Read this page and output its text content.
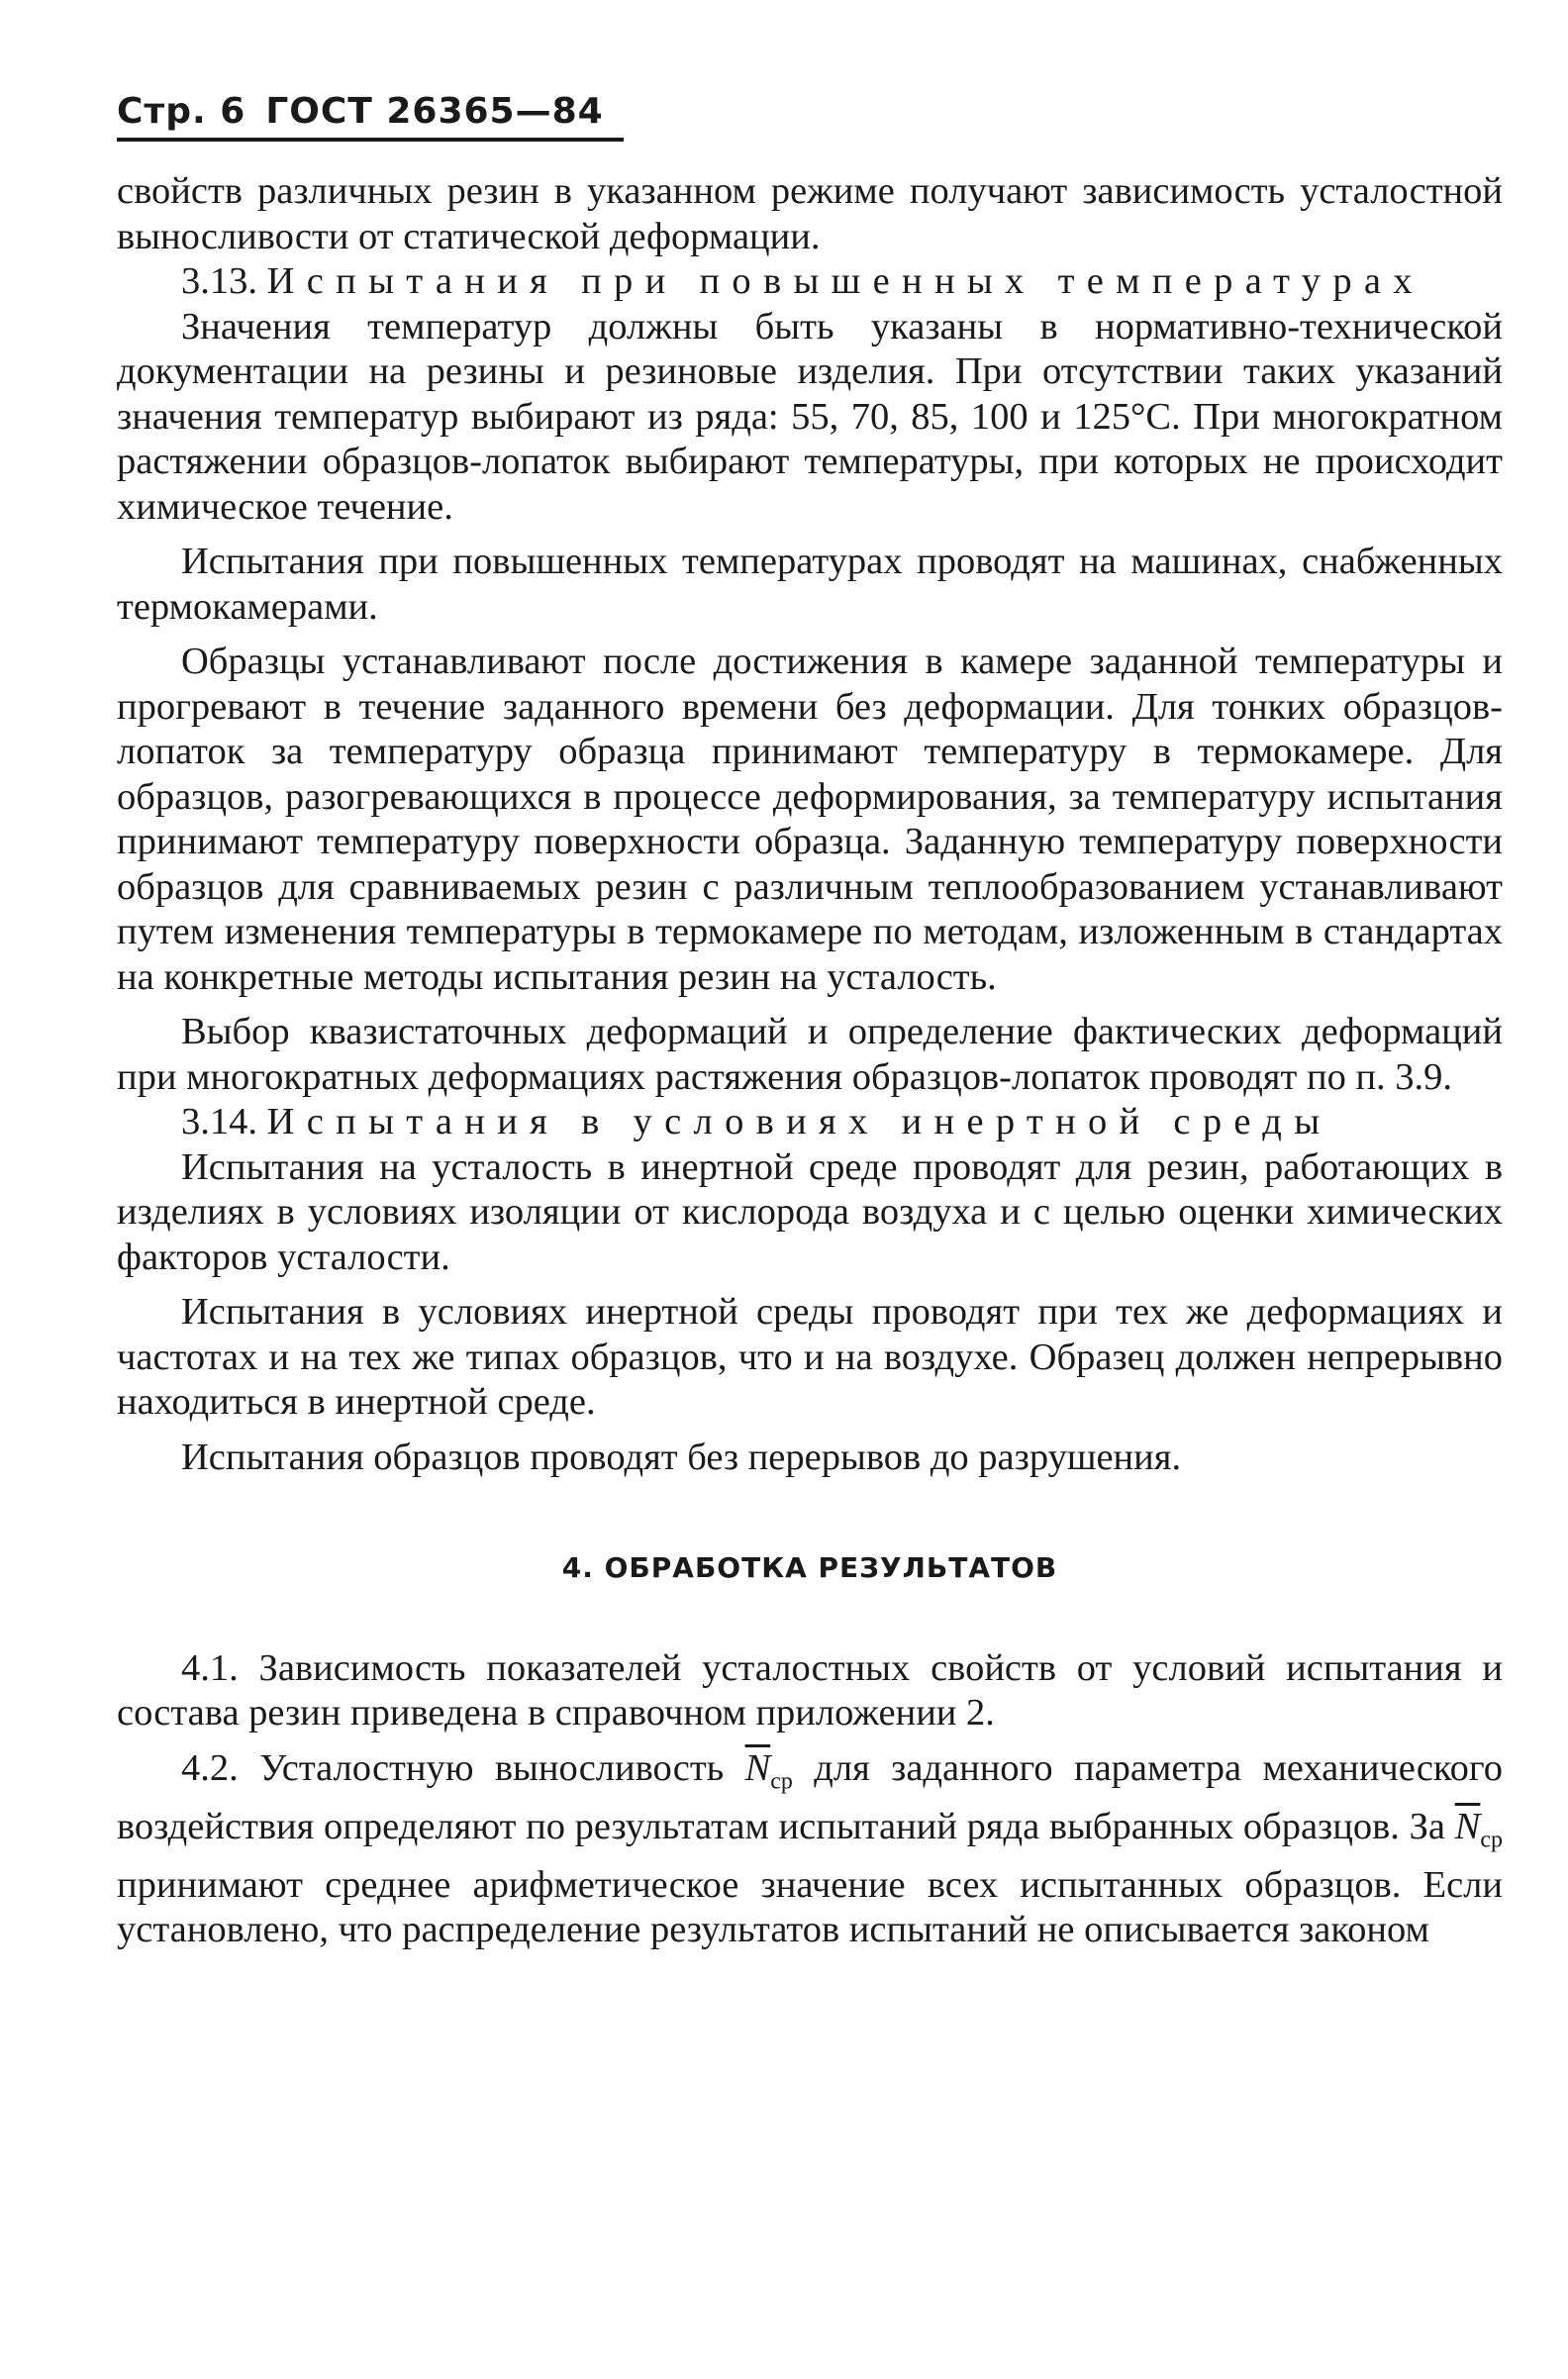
Стр. 6 ГОСТ 26365—84

свойств различных резин в указанном режиме получают зависимость усталостной выносливости от статической деформации.

3.13. Испытания при повышенных температурах

Значения температур должны быть указаны в нормативно-технической документации на резины и резиновые изделия. При отсутствии таких указаний значения температур выбирают из ряда: 55, 70, 85, 100 и 125°С. При многократном растяжении образцов-лопаток выбирают температуры, при которых не происходит химическое течение.

Испытания при повышенных температурах проводят на машинах, снабженных термокамерами.

Образцы устанавливают после достижения в камере заданной температуры и прогревают в течение заданного времени без деформации. Для тонких образцов-лопаток за температуру образца принимают температуру в термокамере. Для образцов, разогревающихся в процессе деформирования, за температуру испытания принимают температуру поверхности образца. Заданную температуру поверхности образцов для сравниваемых резин с различным теплообразованием устанавливают путем изменения температуры в термокамере по методам, изложенным в стандартах на конкретные методы испытания резин на усталость.

Выбор квазистаточных деформаций и определение фактических деформаций при многократных деформациях растяжения образцов-лопаток проводят по п. 3.9.

3.14. Испытания в условиях инертной среды

Испытания на усталость в инертной среде проводят для резин, работающих в изделиях в условиях изоляции от кислорода воздуха и с целью оценки химических факторов усталости.

Испытания в условиях инертной среды проводят при тех же деформациях и частотах и на тех же типах образцов, что и на воздухе. Образец должен непрерывно находиться в инертной среде.

Испытания образцов проводят без перерывов до разрушения.

4. ОБРАБОТКА РЕЗУЛЬТАТОВ

4.1. Зависимость показателей усталостных свойств от условий испытания и состава резин приведена в справочном приложении 2.

4.2. Усталостную выносливость $\overline{N}_{ср}$ для заданного параметра механического воздействия определяют по результатам испытаний ряда выбранных образцов. За $\overline{N}_{ср}$ принимают среднее арифметическое значение всех испытанных образцов. Если установлено, что распределение результатов испытаний не описывается законом
